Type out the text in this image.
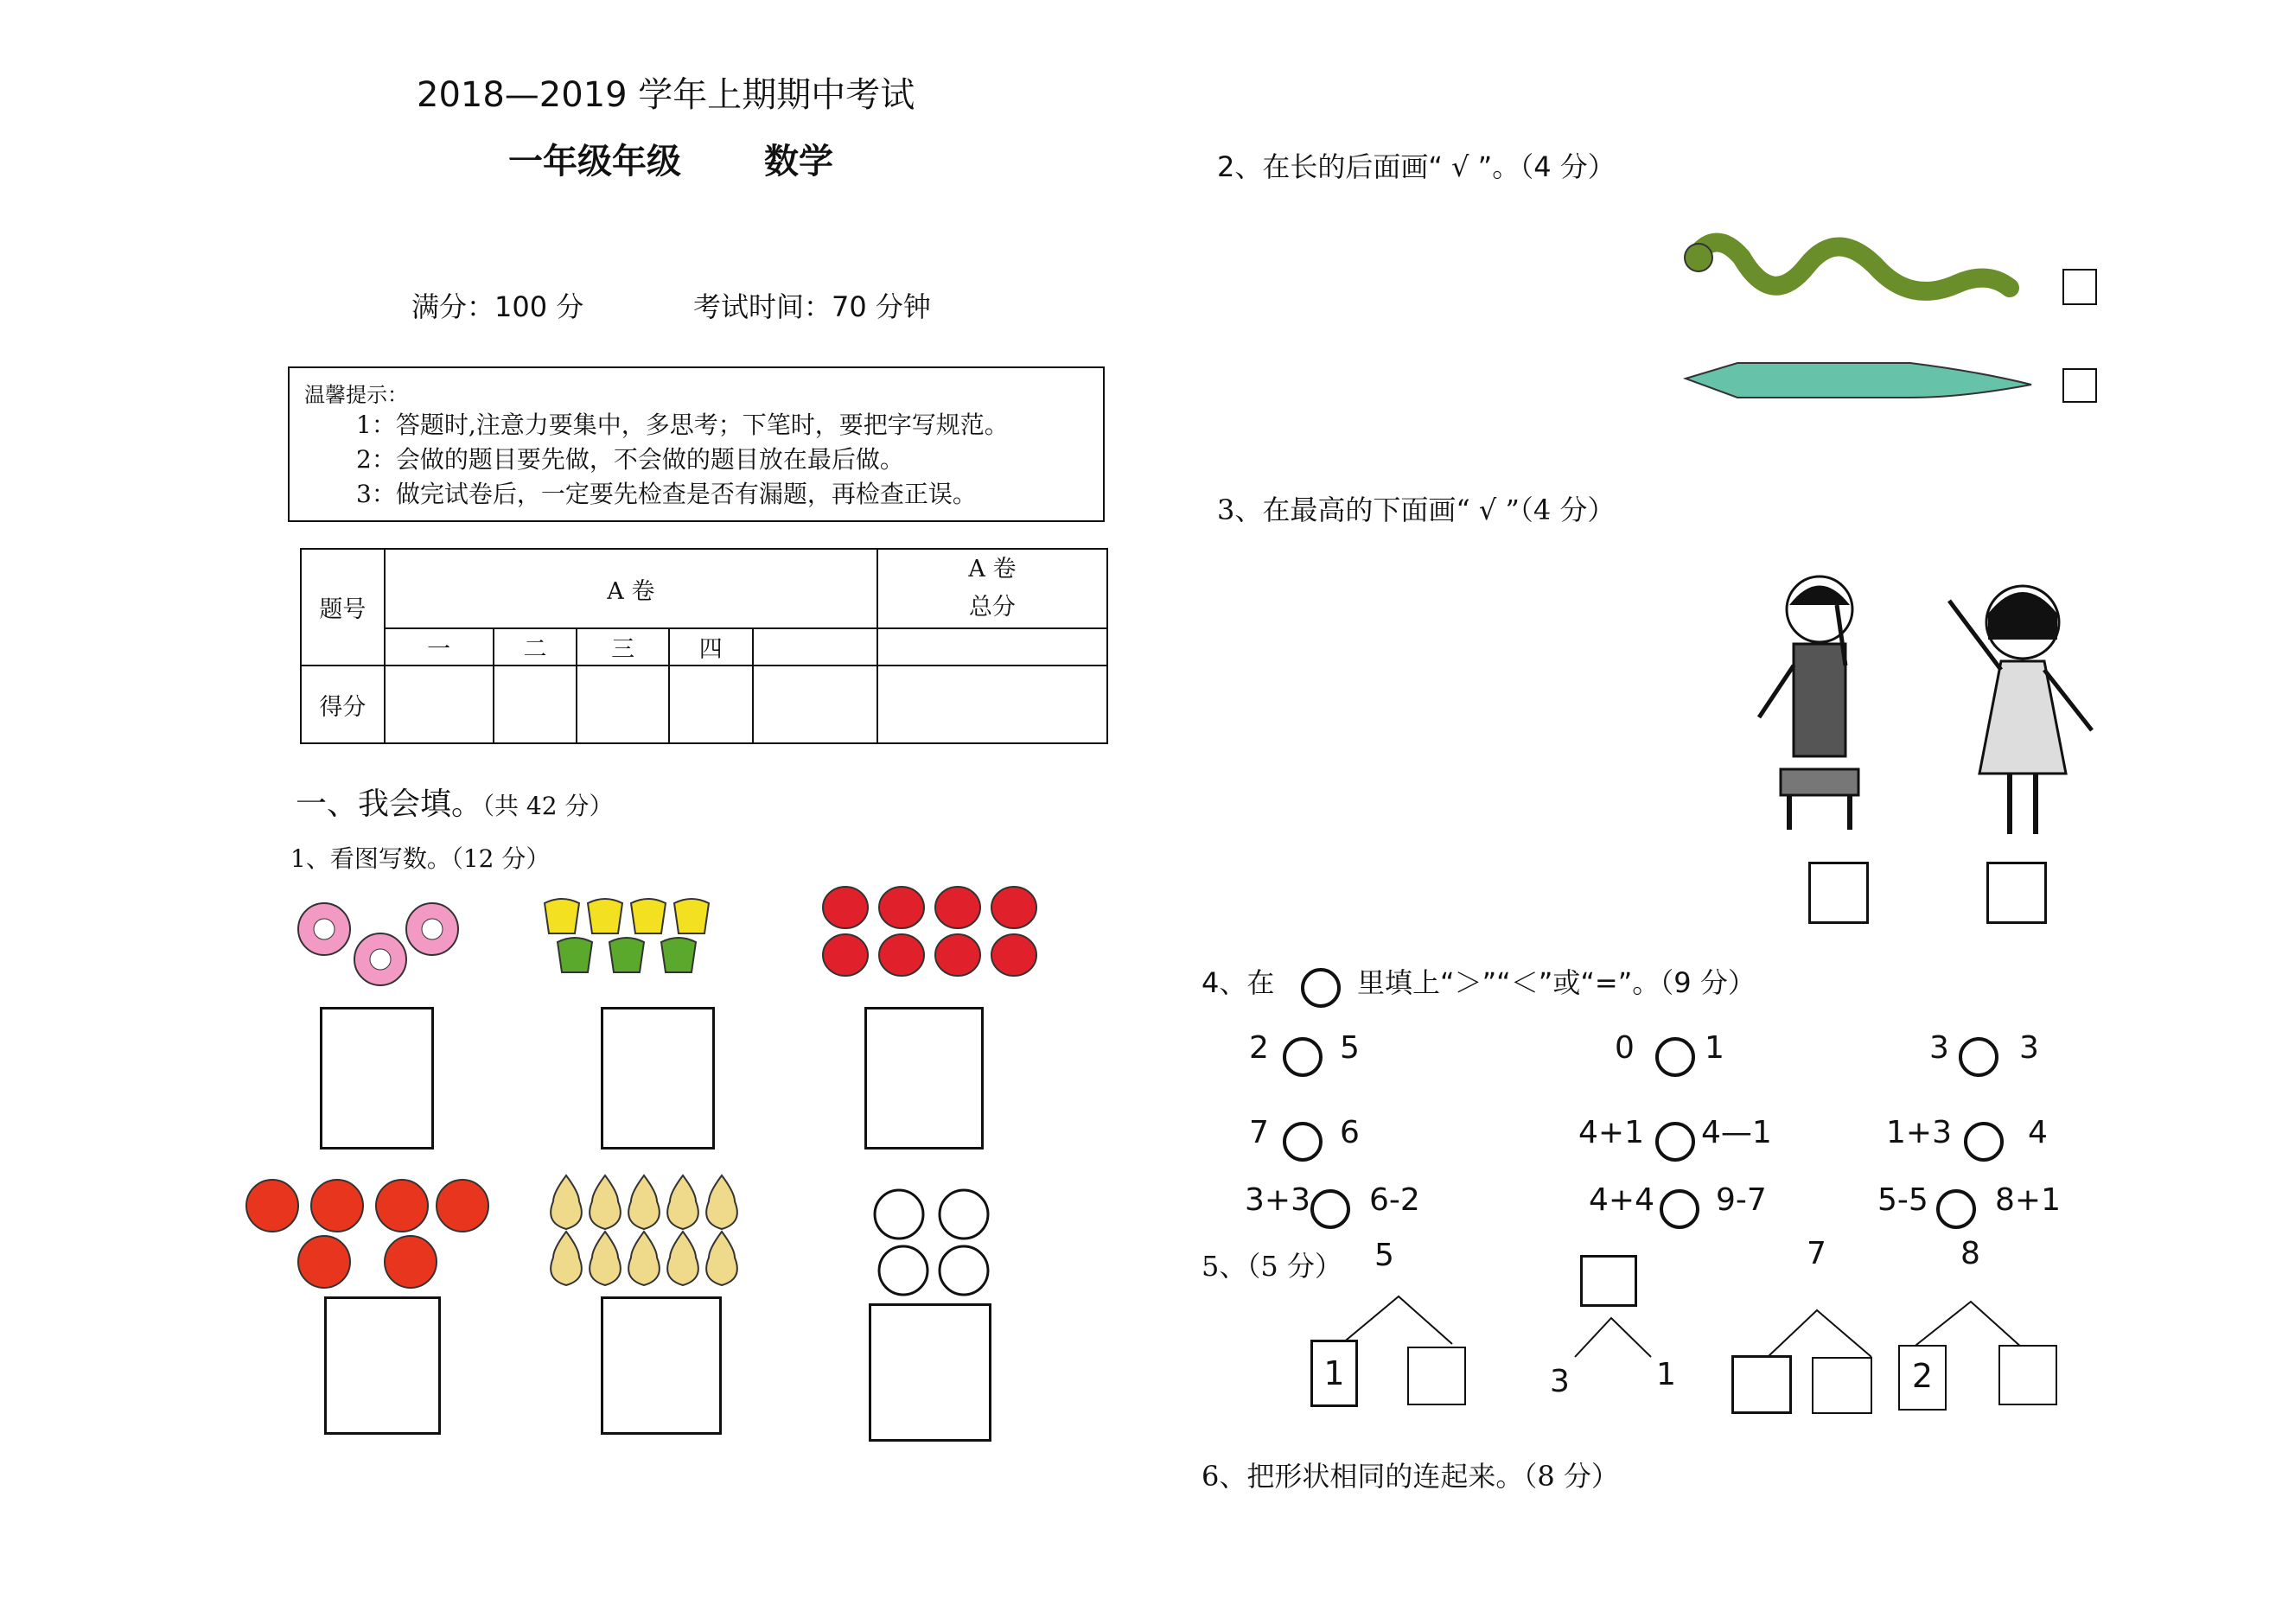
2018—2019 学年上期期中考试
一年级年级 数学
满分：100 分	考试时间：70 分钟
温馨提示：
1：答题时,注意力要集中，多思考；下笔时，要把字写规范。
2：会做的题目要先做，不会做的题目放在最后做。
3：做完试卷后，一定要先检查是否有漏题，再检查正误。
题号	A 卷					A 卷
总分
	一	二	三	四		
得分						
一、我会填。（共 42 分）
1、看图写数。（12 分）
2、在长的后面画“ √ ”。（4 分）
3、在最高的下面画“ √ ”（4 分）
4、在	里填上“＞”“＜”或“=”。（9 分）
2 5	0 1	3 3
7 6	4+1 4—1	1+3 4
3+3 6-2	4+4 9-7	5-5 8+1
5、（5 分） 5
1	3	1
7	8
2
6、把形状相同的连起来。（8 分）
